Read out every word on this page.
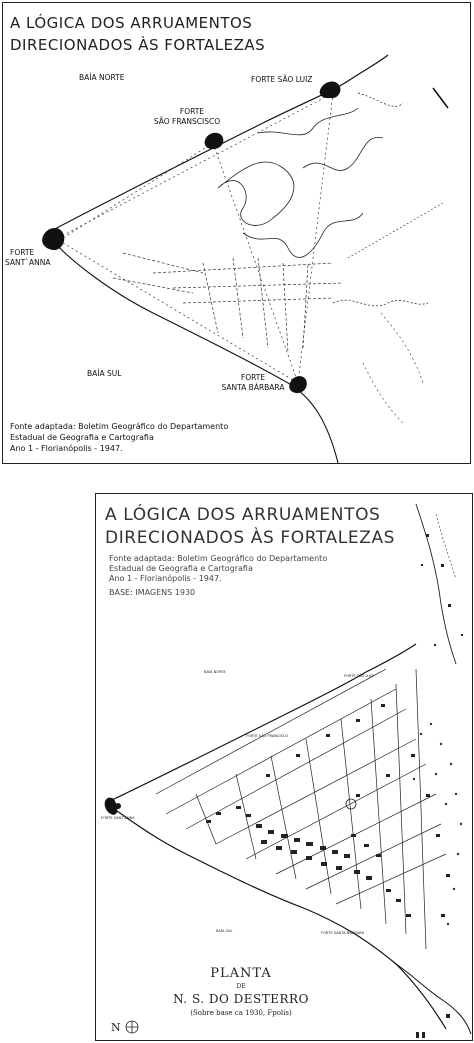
A LÓGICA DOS ARRUAMENTOS
DIRECIONADOS ÀS FORTALEZAS
BAÍA NORTE	FORTE SÃO LUIZ
FORTE
SÃO FRANSCISCO
FORTE
SANT`ANNA
BAÍA SUL	FORTE
SANTA BÁRBARA
Fonte adaptada: Boletim Geográfico do Departamento
Estadual de Geografia e Cartografia
Ano 1 - Florianópolis - 1947.
A LÓGICA DOS ARRUAMENTOS
DIRECIONADOS ÀS FORTALEZAS
Fonte adaptada: Boletim Geográfico do Departamento
Estadual de Geografia e Cartografia
Ano 1 - Florianópolis - 1947.
BASE: IMAGENS 1930
BAÍA NORTE
FORTE SÃO LUIZ
FORTE SÃO FRANCISCO
FORTE SANT'ANNA
BAÍA SUL	FORTE SANTA BÁRBARA
PLANTA
DE
N. S. DO DESTERRO
(Sobre base ca 1930, Fpolis)
N
